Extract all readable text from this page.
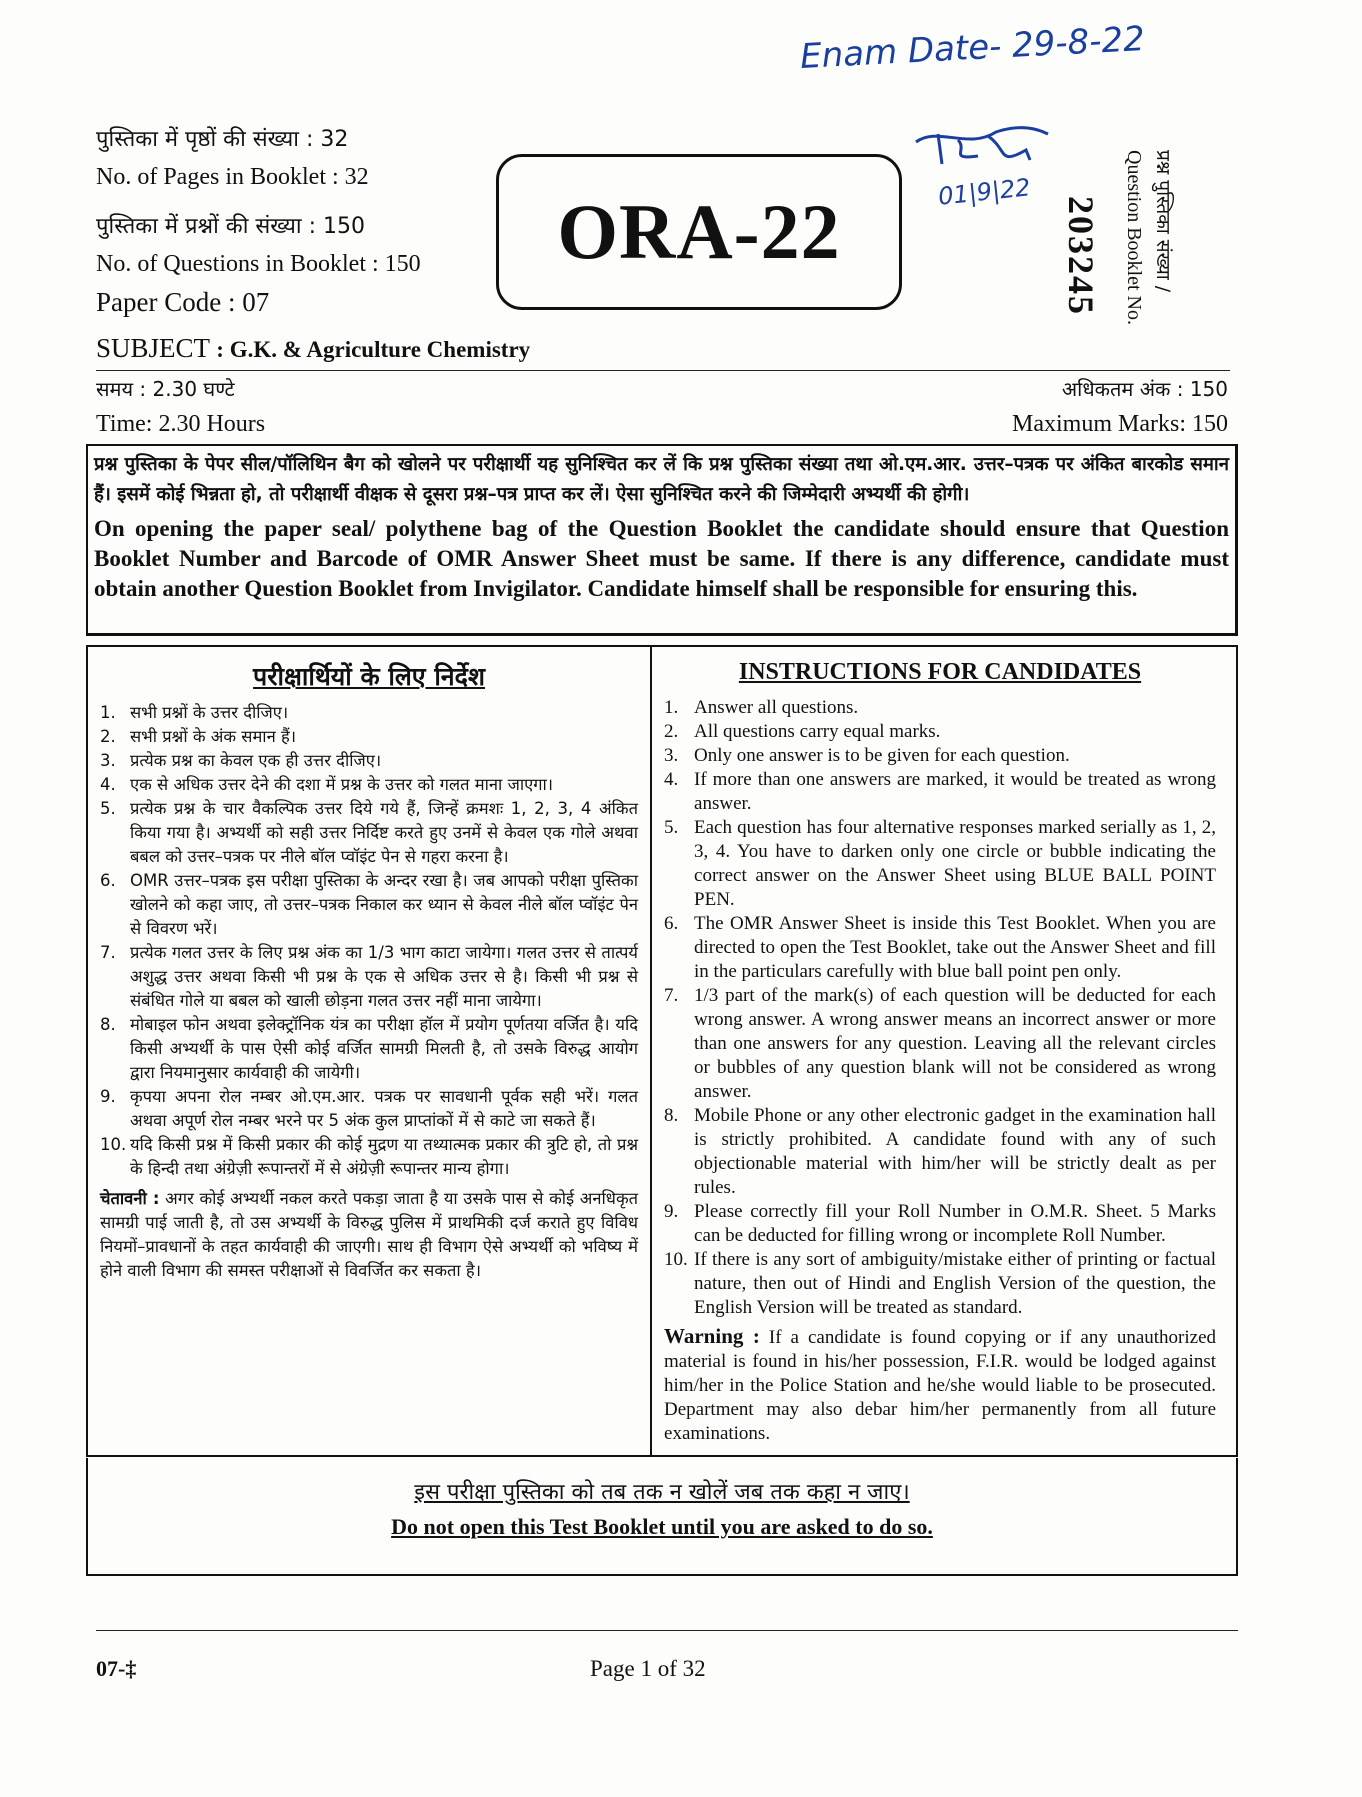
Enam Date- 29-8-22
01|9|22
पुस्तिका में पृष्ठों की संख्या : 32
No. of Pages in Booklet : 32
पुस्तिका में प्रश्नों की संख्या : 150
No. of Questions in Booklet : 150
Paper Code : 07
SUBJECT : G.K. & Agriculture Chemistry
ORA-22	203245	प्रश्न पुस्तिका संख्या /
Question Booklet No.
समय : 2.30 घण्टे
Time: 2.30 Hours
अधिकतम अंक : 150
Maximum Marks: 150
प्रश्न पुस्तिका के पेपर सील/पॉलिथिन बैग को खोलने पर परीक्षार्थी यह सुनिश्चित कर लें कि प्रश्न पुस्तिका संख्या तथा ओ.एम.आर. उत्तर–पत्रक पर अंकित बारकोड समान हैं। इसमें कोई भिन्नता हो, तो परीक्षार्थी वीक्षक से दूसरा प्रश्न–पत्र प्राप्त कर लें। ऐसा सुनिश्चित करने की जिम्मेदारी अभ्यर्थी की होगी।
On opening the paper seal/ polythene bag of the Question Booklet the candidate should ensure that Question Booklet Number and Barcode of OMR Answer Sheet must be same. If there is any difference, candidate must obtain another Question Booklet from Invigilator. Candidate himself shall be responsible for ensuring this.
परीक्षार्थियों के लिए निर्देश
1. सभी प्रश्नों के उत्तर दीजिए।
2. सभी प्रश्नों के अंक समान हैं।
3. प्रत्येक प्रश्न का केवल एक ही उत्तर दीजिए।
4. एक से अधिक उत्तर देने की दशा में प्रश्न के उत्तर को गलत माना जाएगा।
5. प्रत्येक प्रश्न के चार वैकल्पिक उत्तर दिये गये हैं, जिन्हें क्रमशः 1, 2, 3, 4 अंकित किया गया है। अभ्यर्थी को सही उत्तर निर्दिष्ट करते हुए उनमें से केवल एक गोले अथवा बबल को उत्तर–पत्रक पर नीले बॉल प्वॉइंट पेन से गहरा करना है।
6. OMR उत्तर–पत्रक इस परीक्षा पुस्तिका के अन्दर रखा है। जब आपको परीक्षा पुस्तिका खोलने को कहा जाए, तो उत्तर–पत्रक निकाल कर ध्यान से केवल नीले बॉल प्वॉइंट पेन से विवरण भरें।
7. प्रत्येक गलत उत्तर के लिए प्रश्न अंक का 1/3 भाग काटा जायेगा। गलत उत्तर से तात्पर्य अशुद्ध उत्तर अथवा किसी भी प्रश्न के एक से अधिक उत्तर से है। किसी भी प्रश्न से संबंधित गोले या बबल को खाली छोड़ना गलत उत्तर नहीं माना जायेगा।
8. मोबाइल फोन अथवा इलेक्ट्रॉनिक यंत्र का परीक्षा हॉल में प्रयोग पूर्णतया वर्जित है। यदि किसी अभ्यर्थी के पास ऐसी कोई वर्जित सामग्री मिलती है, तो उसके विरुद्ध आयोग द्वारा नियमानुसार कार्यवाही की जायेगी।
9. कृपया अपना रोल नम्बर ओ.एम.आर. पत्रक पर सावधानी पूर्वक सही भरें। गलत अथवा अपूर्ण रोल नम्बर भरने पर 5 अंक कुल प्राप्तांकों में से काटे जा सकते हैं।
10. यदि किसी प्रश्न में किसी प्रकार की कोई मुद्रण या तथ्यात्मक प्रकार की त्रुटि हो, तो प्रश्न के हिन्दी तथा अंग्रेज़ी रूपान्तरों में से अंग्रेज़ी रूपान्तर मान्य होगा।
चेतावनी : अगर कोई अभ्यर्थी नकल करते पकड़ा जाता है या उसके पास से कोई अनधिकृत सामग्री पाई जाती है, तो उस अभ्यर्थी के विरुद्ध पुलिस में प्राथमिकी दर्ज कराते हुए विविध नियमों–प्रावधानों के तहत कार्यवाही की जाएगी। साथ ही विभाग ऐसे अभ्यर्थी को भविष्य में होने वाली विभाग की समस्त परीक्षाओं से विवर्जित कर सकता है।
INSTRUCTIONS FOR CANDIDATES
1. Answer all questions.
2. All questions carry equal marks.
3. Only one answer is to be given for each question.
4. If more than one answers are marked, it would be treated as wrong answer.
5. Each question has four alternative responses marked serially as 1, 2, 3, 4. You have to darken only one circle or bubble indicating the correct answer on the Answer Sheet using BLUE BALL POINT PEN.
6. The OMR Answer Sheet is inside this Test Booklet. When you are directed to open the Test Booklet, take out the Answer Sheet and fill in the particulars carefully with blue ball point pen only.
7. 1/3 part of the mark(s) of each question will be deducted for each wrong answer. A wrong answer means an incorrect answer or more than one answers for any question. Leaving all the relevant circles or bubbles of any question blank will not be considered as wrong answer.
8. Mobile Phone or any other electronic gadget in the examination hall is strictly prohibited. A candidate found with any of such objectionable material with him/her will be strictly dealt as per rules.
9. Please correctly fill your Roll Number in O.M.R. Sheet. 5 Marks can be deducted for filling wrong or incomplete Roll Number.
10. If there is any sort of ambiguity/mistake either of printing or factual nature, then out of Hindi and English Version of the question, the English Version will be treated as standard.
Warning : If a candidate is found copying or if any unauthorized material is found in his/her possession, F.I.R. would be lodged against him/her in the Police Station and he/she would liable to be prosecuted. Department may also debar him/her permanently from all future examinations.
इस परीक्षा पुस्तिका को तब तक न खोलें जब तक कहा न जाए।
Do not open this Test Booklet until you are asked to do so.
07-‡	Page 1 of 32
